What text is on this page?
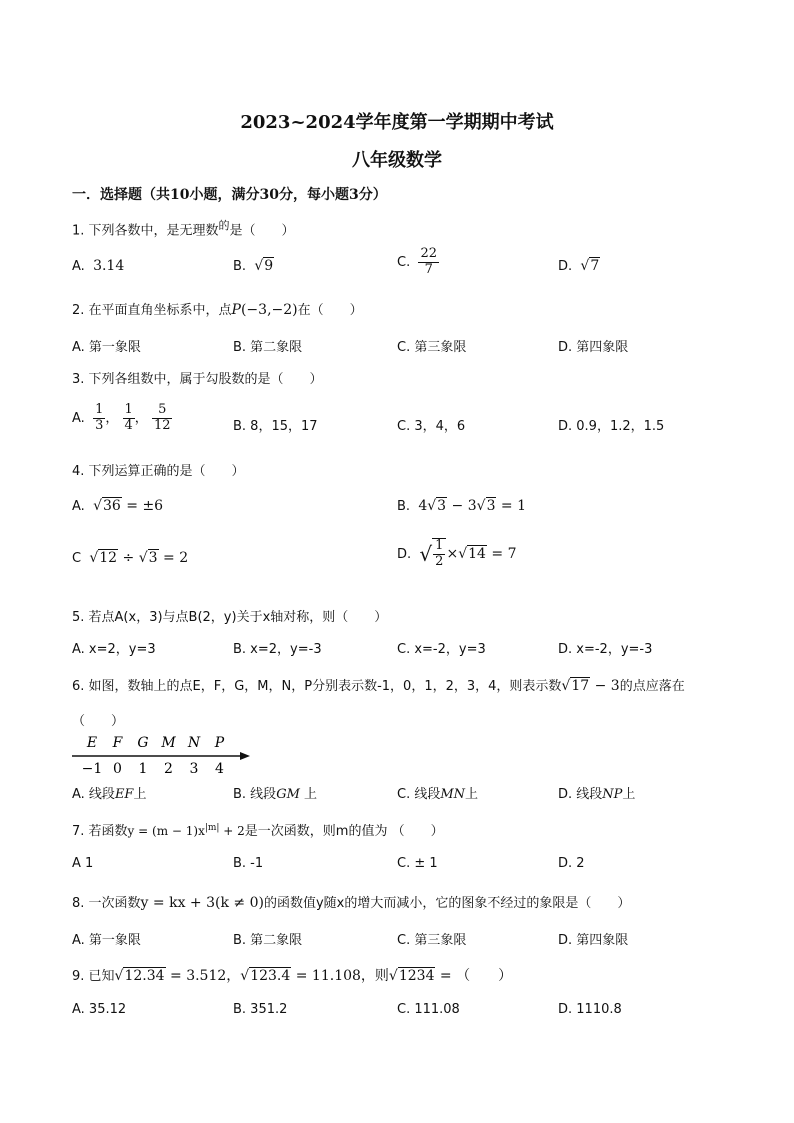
2023~2024学年度第一学期期中考试
八年级数学
一．选择题（共10小题，满分30分，每小题3分）
1. 下列各数中，是无理数$^的$是（　　）
A. 3.14	B. √9	C. $\frac{22}{7}$	D. √7
2. 在平面直角坐标系中，点P(−3,−2)在（　　）
A. 第一象限	B. 第二象限	C. 第三象限	D. 第四象限
3. 下列各组数中，属于勾股数的是（　　）
A. $\frac{1}{3}$ ， $\frac{1}{4}$ ， $\frac{5}{12}$	B. 8，15，17	C. 3，4，6	D. 0.9，1.2，1.5
4. 下列运算正确的是（　　）
A. √36 = ±6	B. 4√3 − 3√3 = 1
C √12 ÷ √3 = 2	D. √ $\frac{1}{2} \times√14 = 7$
5. 若点A(x，3)与点B(2，y)关于x轴对称，则（　　）
A. x=2，y=3	B. x=2，y=-3	C. x=-2，y=3	D. x=-2，y=-3
6. 如图，数轴上的点E，F，G，M，N，P分别表示数-1，0，1，2，3，4，则表示数√17 − 3的点应落在
（　　）
E
−1
F
0
G
1
M
2
N
3
P
4
A. 线段EF上	B. 线段GM 上	C. 线段MN上	D. 线段NP上
7. 若函数$y = (m - 1)x^{|m|} + 2$是一次函数，则m的值为 （　　）
A 1	B. -1	C. ± 1	D. 2
8. 一次函数y = kx + 3(k ≠ 0)的函数值y随x的增大而减小，它的图象不经过的象限是（　　）
A. 第一象限	B. 第二象限	C. 第三象限	D. 第四象限
9. 已知√12.34 = 3.512，√123.4 = 11.108，则√1234 = （　　）
A. 35.12	B. 351.2	C. 111.08	D. 1110.8
